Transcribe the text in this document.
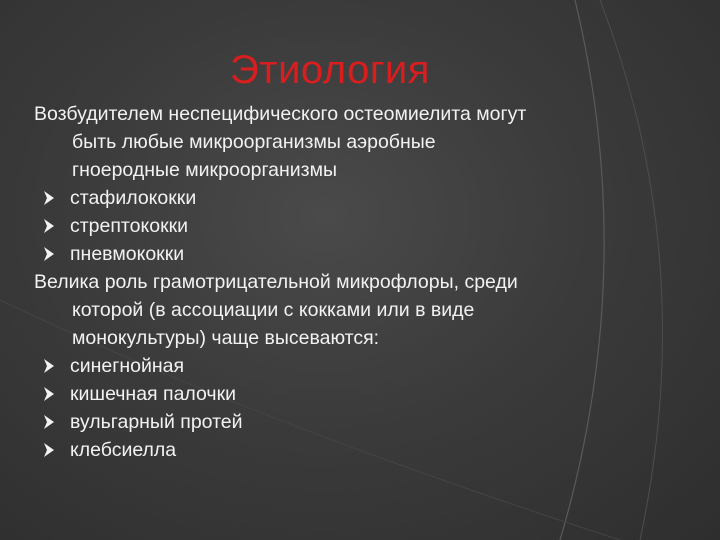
Этиология
Возбудителем неспецифического остеомиелита могут
быть любые микроорганизмы аэробные
гноеродные микроорганизмы
стафилококки
стрептококки
пневмококки
Велика роль грамотрицательной микрофлоры, среди
которой (в ассоциации с кокками или в виде
монокультуры) чаще высеваются:
синегнойная
кишечная палочки
вульгарный протей
клебсиелла
